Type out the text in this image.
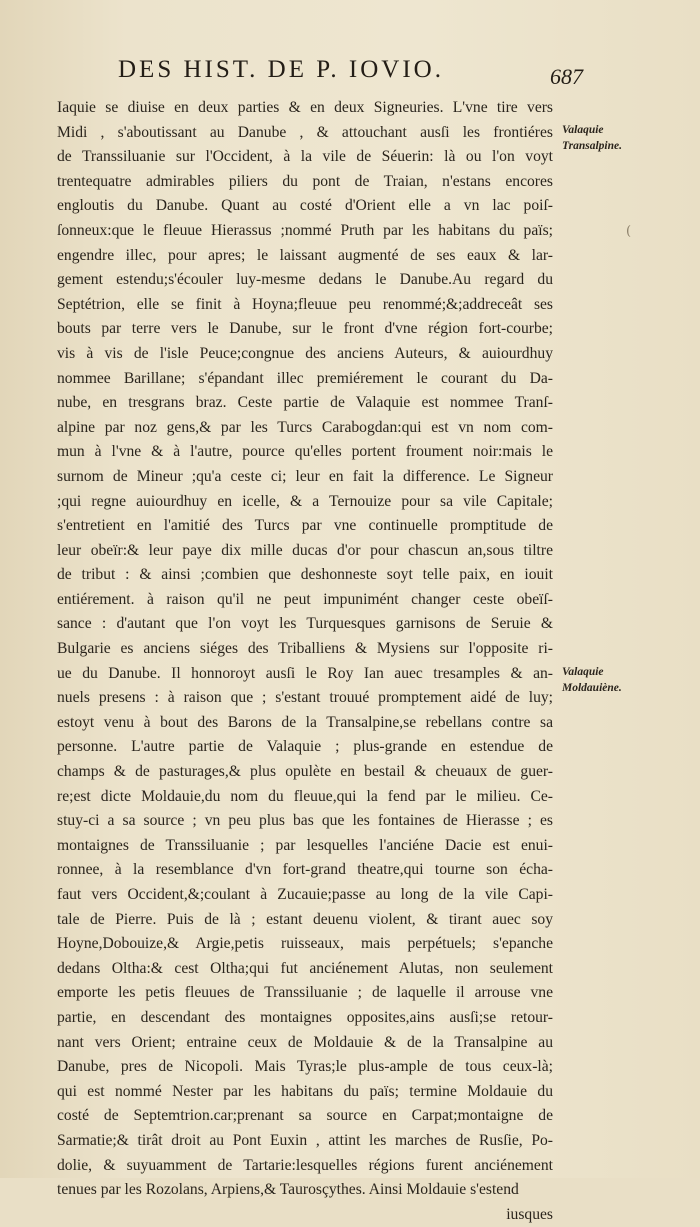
DES HIST. DE P. IOVIO.	687
Iaquie se diuise en deux parties & en deux Signeuries. L'vne tire vers
Midi , s'aboutissant au Danube , & attouchant ausſi les frontiéres
de Transsiluanie sur l'Occident, à la vile de Séuerin: là ou l'on voyt
trentequatre admirables piliers du pont de Traian, n'estans encores
engloutis du Danube. Quant au costé d'Orient elle a vn lac poiſ-
ſonneux:que le fleuue Hierassus ;nommé Pruth par les habitans du païs;
engendre illec, pour apres; le laissant augmenté de ses eaux & lar-
gement estendu;s'écouler luy-mesme dedans le Danube.Au regard du
Septétrion, elle se finit à Hoyna;fleuue peu renommé;&;addreceât ses
bouts par terre vers le Danube, sur le front d'vne région fort-courbe;
vis à vis de l'isle Peuce;congnue des anciens Auteurs, & auiourdhuy
nommee Barillane; s'épandant illec premiérement le courant du Da-
nube, en tresgrans braz. Ceste partie de Valaquie est nommee Tranſ-
alpine par noz gens,& par les Turcs Carabogdan:qui est vn nom com-
mun à l'vne & à l'autre, pource qu'elles portent froument noir:mais le
surnom de Mineur ;qu'a ceste ci; leur en fait la difference. Le Signeur
;qui regne auiourdhuy en icelle, & a Ternouize pour sa vile Capitale;
s'entretient en l'amitié des Turcs par vne continuelle promptitude de
leur obeïr:& leur paye dix mille ducas d'or pour chascun an,sous tiltre
de tribut : & ainsi ;combien que deshonneste soyt telle paix, en iouit
entiérement. à raison qu'il ne peut impunimént changer ceste obeïſ-
sance : d'autant que l'on voyt les Turquesques garnisons de Seruie &
Bulgarie es anciens siéges des Triballiens & Mysiens sur l'opposite ri-
ue du Danube. Il honnoroyt ausſi le Roy Ian auec tresamples & an-
nuels presens : à raison que ; s'estant trouué promptement aidé de luy;
estoyt venu à bout des Barons de la Transalpine,se rebellans contre sa
personne. L'autre partie de Valaquie ; plus-grande en estendue de
champs & de pasturages,& plus opulète en bestail & cheuaux de guer-
re;est dicte Moldauie,du nom du fleuue,qui la fend par le milieu. Ce-
stuy-ci a sa source ; vn peu plus bas que les fontaines de Hierasse ; es
montaignes de Transsiluanie ; par lesquelles l'anciéne Dacie est enui-
ronnee, à la resemblance d'vn fort-grand theatre,qui tourne son écha-
faut vers Occident,&;coulant à Zucauie;passe au long de la vile Capi-
tale de Pierre. Puis de là ; estant deuenu violent, & tirant auec soy
Hoyne,Dobouize,& Argie,petis ruisseaux, mais perpétuels; s'epanche
dedans Oltha:& cest Oltha;qui fut anciénement Alutas, non seulement
emporte les petis fleuues de Transsiluanie ; de laquelle il arrouse vne
partie, en descendant des montaignes opposites,ains ausſi;se retour-
nant vers Orient; entraine ceux de Moldauie & de la Transalpine au
Danube, pres de Nicopoli. Mais Tyras;le plus-ample de tous ceux-là;
qui est nommé Nester par les habitans du païs; termine Moldauie du
costé de Septemtrion.car;prenant sa source en Carpat;montaigne de
Sarmatie;& tirât droit au Pont Euxin , attint les marches de Rusſie, Po-
dolie, & suyuamment de Tartarie:lesquelles régions furent anciénement
tenues par les Rozolans, Arpiens,& Taurosçythes. Ainsi Moldauie s'estend
iusques
Valaquie Transalpine.
Valaquie Moldauiène.
(
